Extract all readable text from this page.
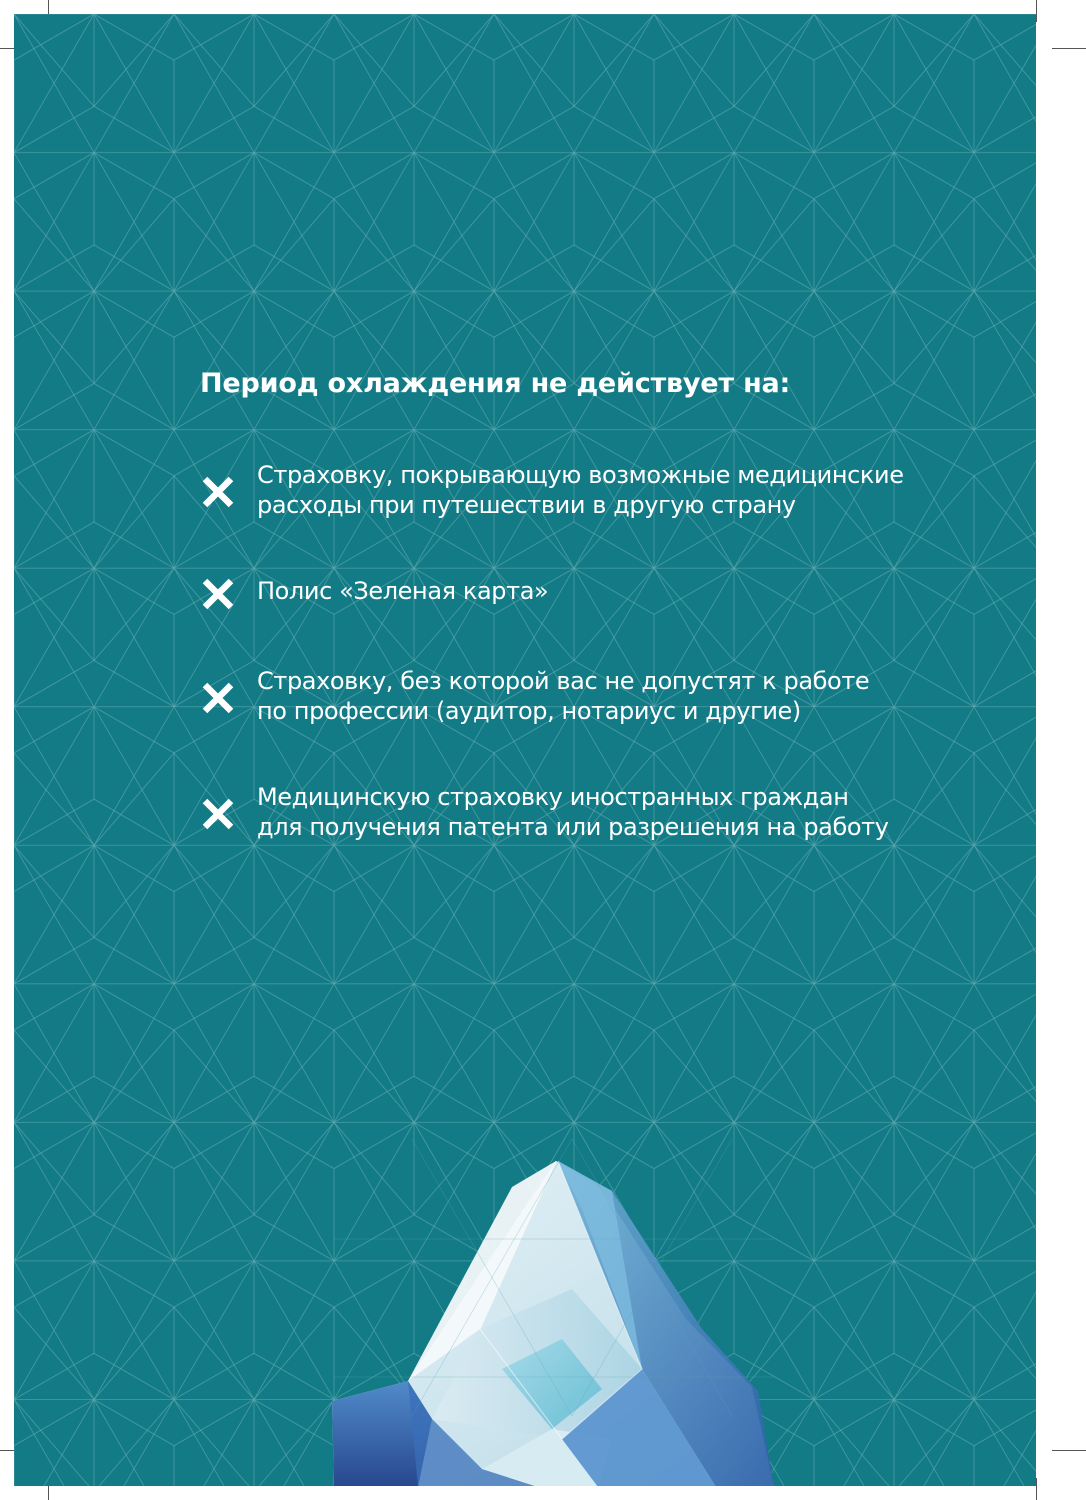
Период охлаждения не действует на:
Страховку, покрывающую возможные медицинские
расходы при путешествии в другую страну
Полис «Зеленая карта»
Страховку, без которой вас не допустят к работе
по профессии (аудитор, нотариус и другие)
Медицинскую страховку иностранных граждан
для получения патента или разрешения на работу
